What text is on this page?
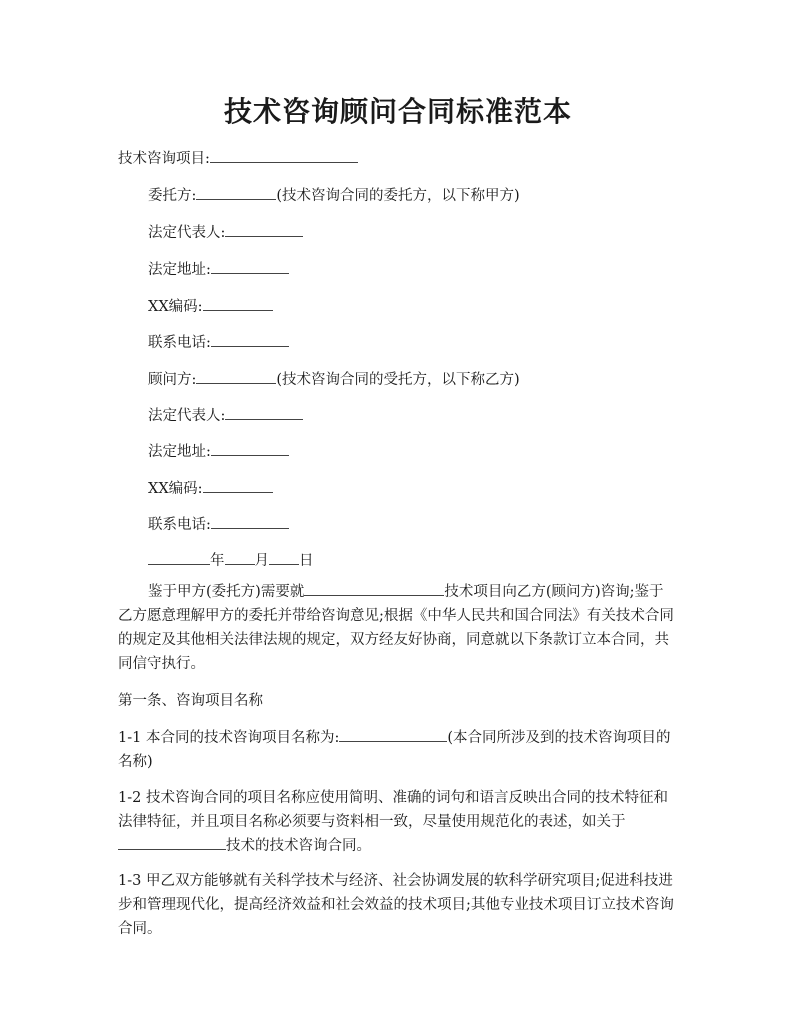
技术咨询顾问合同标准范本
技术咨询项目:
委托方:	(技术咨询合同的委托方，以下称甲方)
法定代表人:
法定地址:
XX编码:
联系电话:
顾问方:	(技术咨询合同的受托方，以下称乙方)
法定代表人:
法定地址:
XX编码:
联系电话:
年 月 日

鉴于甲方(委托方)需要就	技术项目向乙方(顾问方)咨询;鉴于乙方愿意理解甲方的委托并带给咨询意见;根据《中华人民共和国合同法》有关技术合同的规定及其他相关法律法规的规定，双方经友好协商，同意就以下条款订立本合同，共同信守执行。

第一条、咨询项目名称

1-1 本合同的技术咨询项目名称为:	(本合同所涉及到的技术咨询项目的名称)

1-2 技术咨询合同的项目名称应使用简明、准确的词句和语言反映出合同的技术特征和法律特征，并且项目名称必须要与资料相一致，尽量使用规范化的表述，如关于技术的技术咨询合同。

1-3 甲乙双方能够就有关科学技术与经济、社会协调发展的软科学研究项目;促进科技进步和管理现代化，提高经济效益和社会效益的技术项目;其他专业技术项目订立技术咨询合同。
